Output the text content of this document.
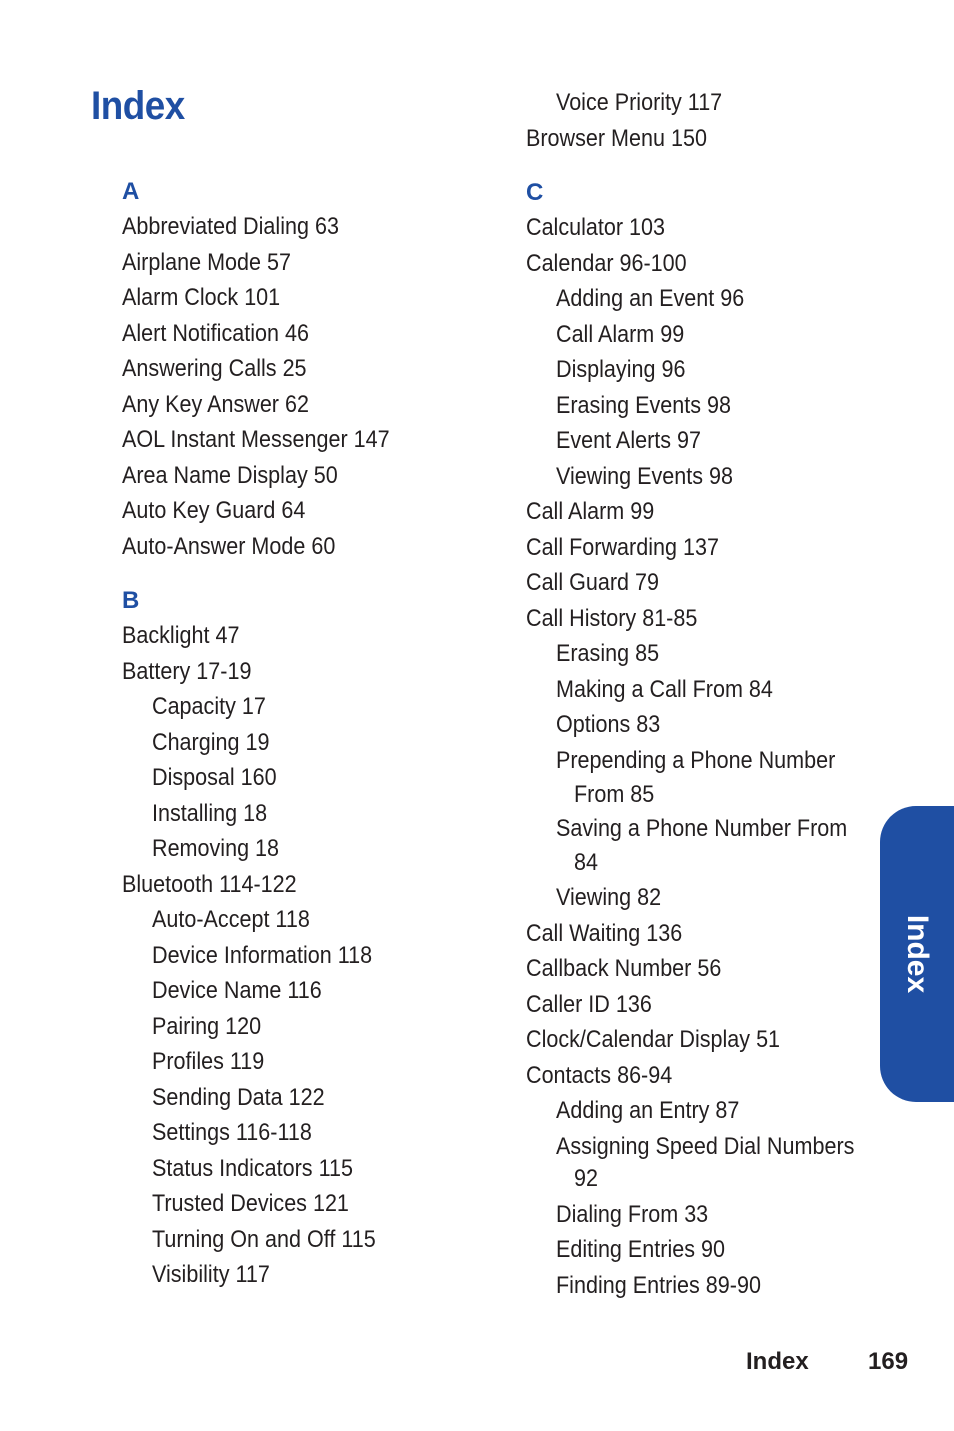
Index
A
Abbreviated Dialing 63
Airplane Mode 57
Alarm Clock 101
Alert Notification 46
Answering Calls 25
Any Key Answer 62
AOL Instant Messenger 147
Area Name Display 50
Auto Key Guard 64
Auto-Answer Mode 60
B
Backlight 47
Battery 17-19
Capacity 17
Charging 19
Disposal 160
Installing 18
Removing 18
Bluetooth 114-122
Auto-Accept 118
Device Information 118
Device Name 116
Pairing 120
Profiles 119
Sending Data 122
Settings 116-118
Status Indicators 115
Trusted Devices 121
Turning On and Off 115
Visibility 117
Voice Priority 117
Browser Menu 150
C
Calculator 103
Calendar 96-100
Adding an Event 96
Call Alarm 99
Displaying 96
Erasing Events 98
Event Alerts 97
Viewing Events 98
Call Alarm 99
Call Forwarding 137
Call Guard 79
Call History 81-85
Erasing 85
Making a Call From 84
Options 83
Prepending a Phone Number
From 85
Saving a Phone Number From
84
Viewing 82
Call Waiting 136
Callback Number 56
Caller ID 136
Clock/Calendar Display 51
Contacts 86-94
Adding an Entry 87
Assigning Speed Dial Numbers
92
Dialing From 33
Editing Entries 90
Finding Entries 89-90
Index
Index 169
